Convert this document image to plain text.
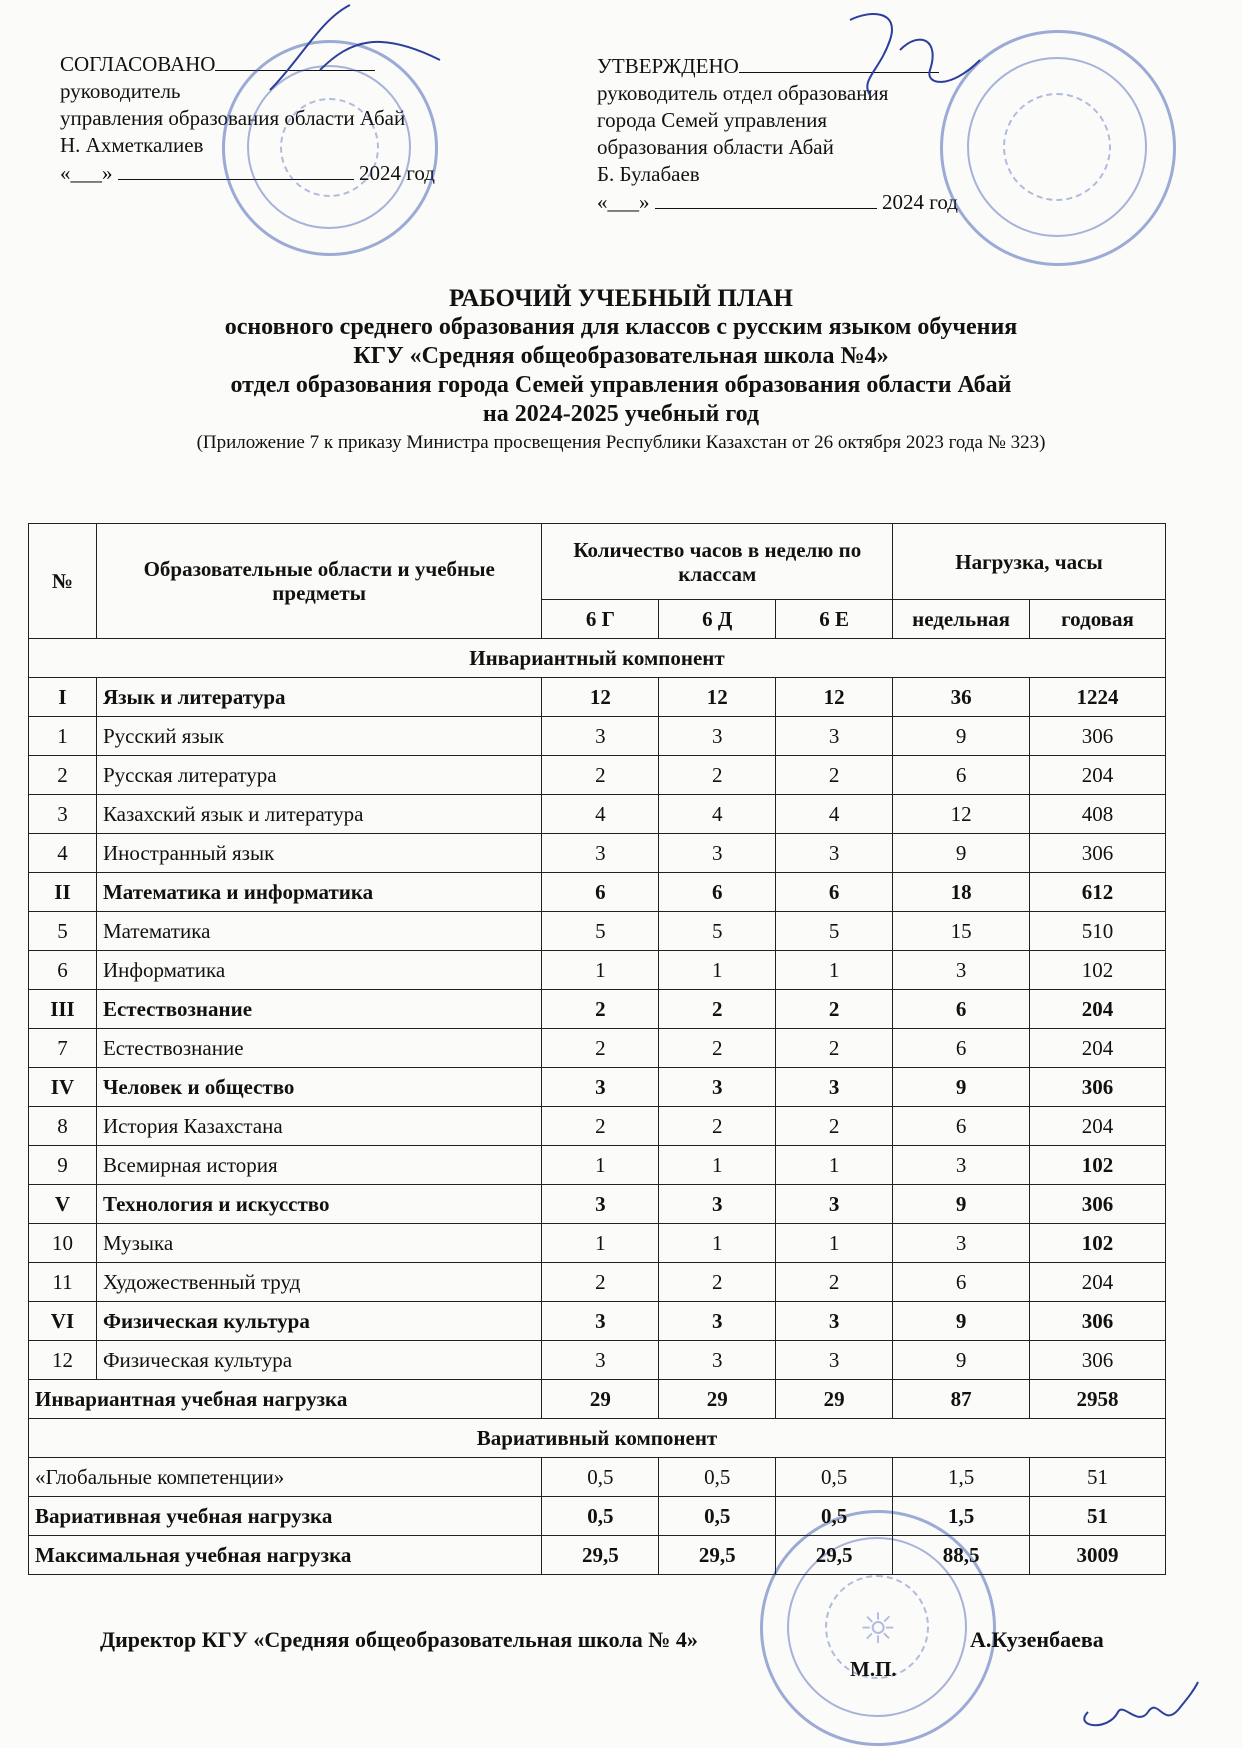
СОГЛАСОВАНО
руководитель
управления образования области Абай
Н. Ахметкалиев
«___»	2024 год
УТВЕРЖДЕНО
руководитель отдел образования
города Семей управления
образования области Абай
Б. Булабаев
«___»	2024 год
☼
РАБОЧИЙ УЧЕБНЫЙ ПЛАН
основного среднего образования для классов с русским языком обучения
КГУ «Средняя общеобразовательная школа №4»
отдел образования города Семей управления образования области Абай
на 2024-2025 учебный год
(Приложение 7 к приказу Министра просвещения Республики Казахстан от 26 октября 2023 года № 323)
№	Образовательные области и учебные предметы	Количество часов в неделю по классам			Нагрузка, часы	
		6 Г	6 Д	6 Е	недельная	годовая
Инвариантный компонент						
I	Язык и литература	12	12	12	36	1224
1	Русский язык	3	3	3	9	306
2	Русская литература	2	2	2	6	204
3	Казахский язык и литература	4	4	4	12	408
4	Иностранный язык	3	3	3	9	306
II	Математика и информатика	6	6	6	18	612
5	Математика	5	5	5	15	510
6	Информатика	1	1	1	3	102
III	Естествознание	2	2	2	6	204
7	Естествознание	2	2	2	6	204
IV	Человек и общество	3	3	3	9	306
8	История Казахстана	2	2	2	6	204
9	Всемирная история	1	1	1	3	102
V	Технология и искусство	3	3	3	9	306
10	Музыка	1	1	1	3	102
11	Художественный труд	2	2	2	6	204
VI	Физическая культура	3	3	3	9	306
12	Физическая культура	3	3	3	9	306
Инвариантная учебная нагрузка		29	29	29	87	2958
Вариативный компонент						
«Глобальные компетенции»		0,5	0,5	0,5	1,5	51
Вариативная учебная нагрузка		0,5	0,5	0,5	1,5	51
Максимальная учебная нагрузка		29,5	29,5	29,5	88,5	3009
Директор КГУ «Средняя общеобразовательная школа № 4»	А.Кузенбаева
М.П.
